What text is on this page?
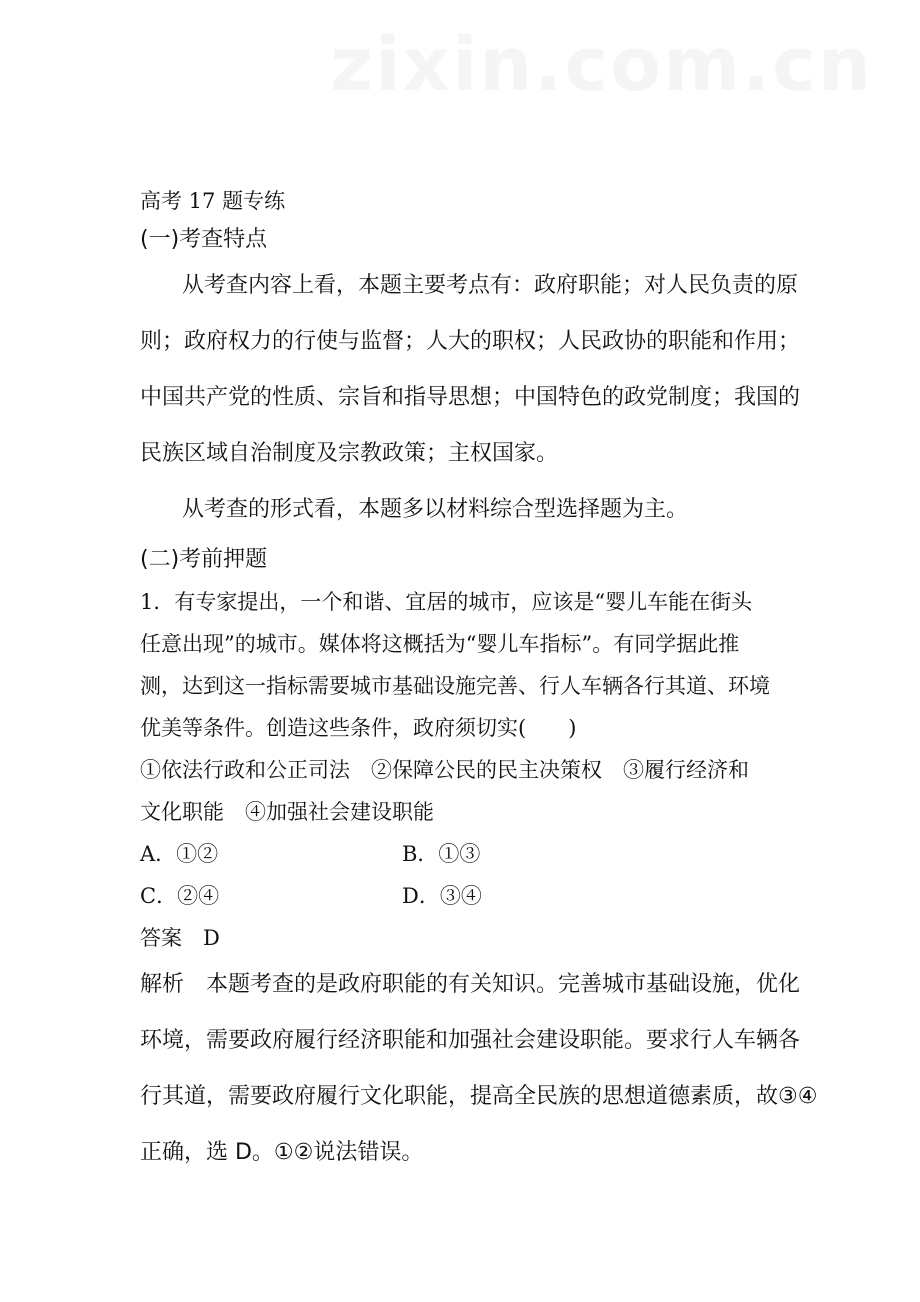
zixin.com.cn
高考 17 题专练
(一)考查特点
从考查内容上看，本题主要考点有：政府职能；对人民负责的原
则；政府权力的行使与监督；人大的职权；人民政协的职能和作用；
中国共产党的性质、宗旨和指导思想；中国特色的政党制度；我国的
民族区域自治制度及宗教政策；主权国家。
从考查的形式看，本题多以材料综合型选择题为主。
(二)考前押题
1．有专家提出，一个和谐、宜居的城市，应该是“婴儿车能在街头
任意出现”的城市。媒体将这概括为“婴儿车指标”。有同学据此推
测，达到这一指标需要城市基础设施完善、行人车辆各行其道、环境
优美等条件。创造这些条件，政府须切实(　　)
①依法行政和公正司法　②保障公民的民主决策权　③履行经济和
文化职能　④加强社会建设职能
A．①②	B．①③
C．②④	D．③④
答案　D
解析　本题考查的是政府职能的有关知识。完善城市基础设施，优化
环境，需要政府履行经济职能和加强社会建设职能。要求行人车辆各
行其道，需要政府履行文化职能，提高全民族的思想道德素质，故③④
正确，选 D。①②说法错误。
